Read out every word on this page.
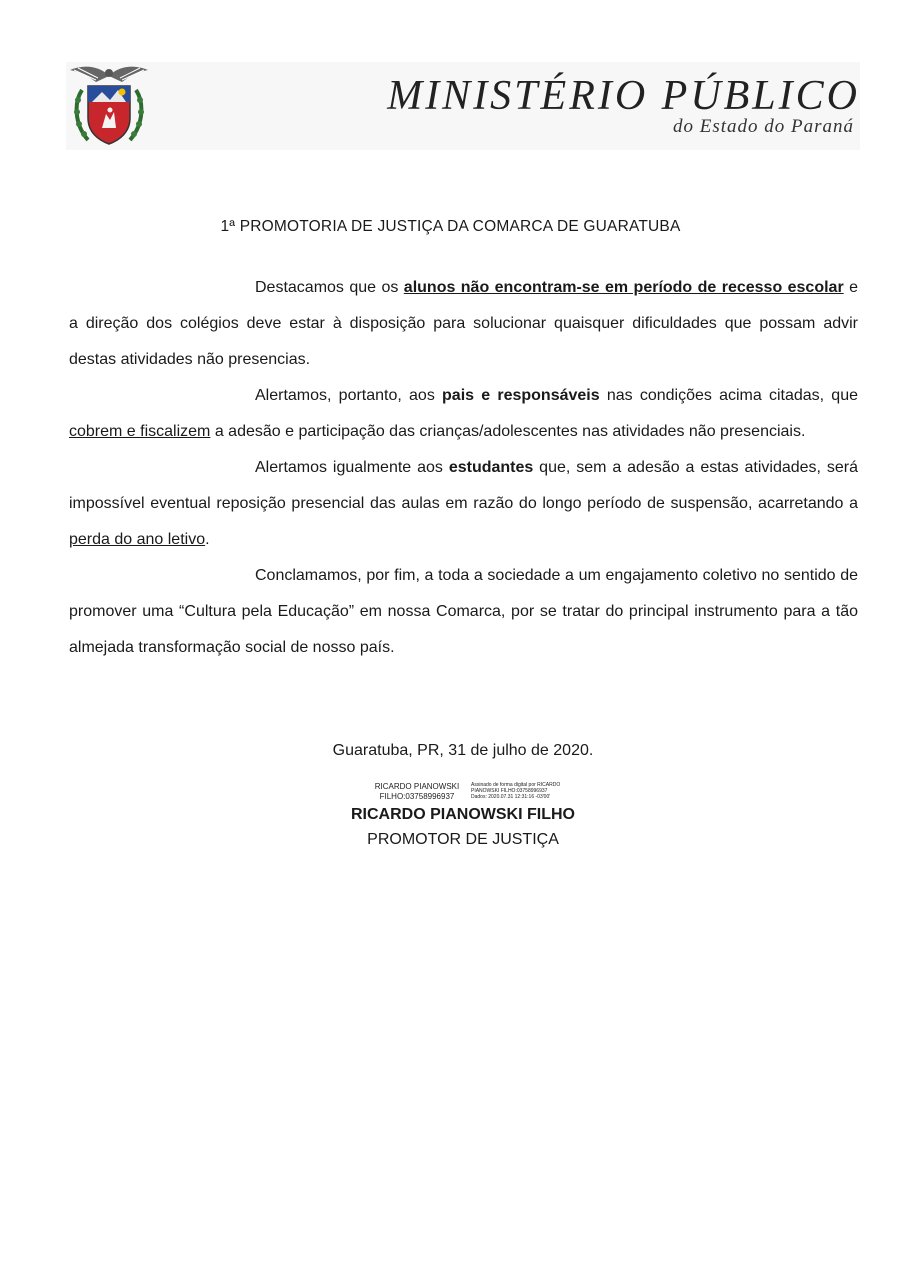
MINISTÉRIO PÚBLICO
do Estado do Paraná
1ª PROMOTORIA DE JUSTIÇA DA COMARCA DE GUARATUBA

Destacamos que os alunos não encontram-se em período de recesso escolar e a direção dos colégios deve estar à disposição para solucionar quaisquer dificuldades que possam advir destas atividades não presencias.

Alertamos, portanto, aos pais e responsáveis nas condições acima citadas, que cobrem e fiscalizem a adesão e participação das crianças/adolescentes nas atividades não presenciais.

Alertamos igualmente aos estudantes que, sem a adesão a estas atividades, será impossível eventual reposição presencial das aulas em razão do longo período de suspensão, acarretando a perda do ano letivo.

Conclamamos, por fim, a toda a sociedade a um engajamento coletivo no sentido de promover uma “Cultura pela Educação” em nossa Comarca, por se tratar do principal instrumento para a tão almejada transformação social de nosso país.

Guaratuba, PR, 31 de julho de 2020.
RICARDO PIANOWSKI
FILHO:03758996937
Assinado de forma digital por RICARDO
PIANOWSKI FILHO:03758996937
Dados: 2020.07.31 12:31:16 -03'00'
RICARDO PIANOWSKI FILHO
PROMOTOR DE JUSTIÇA
